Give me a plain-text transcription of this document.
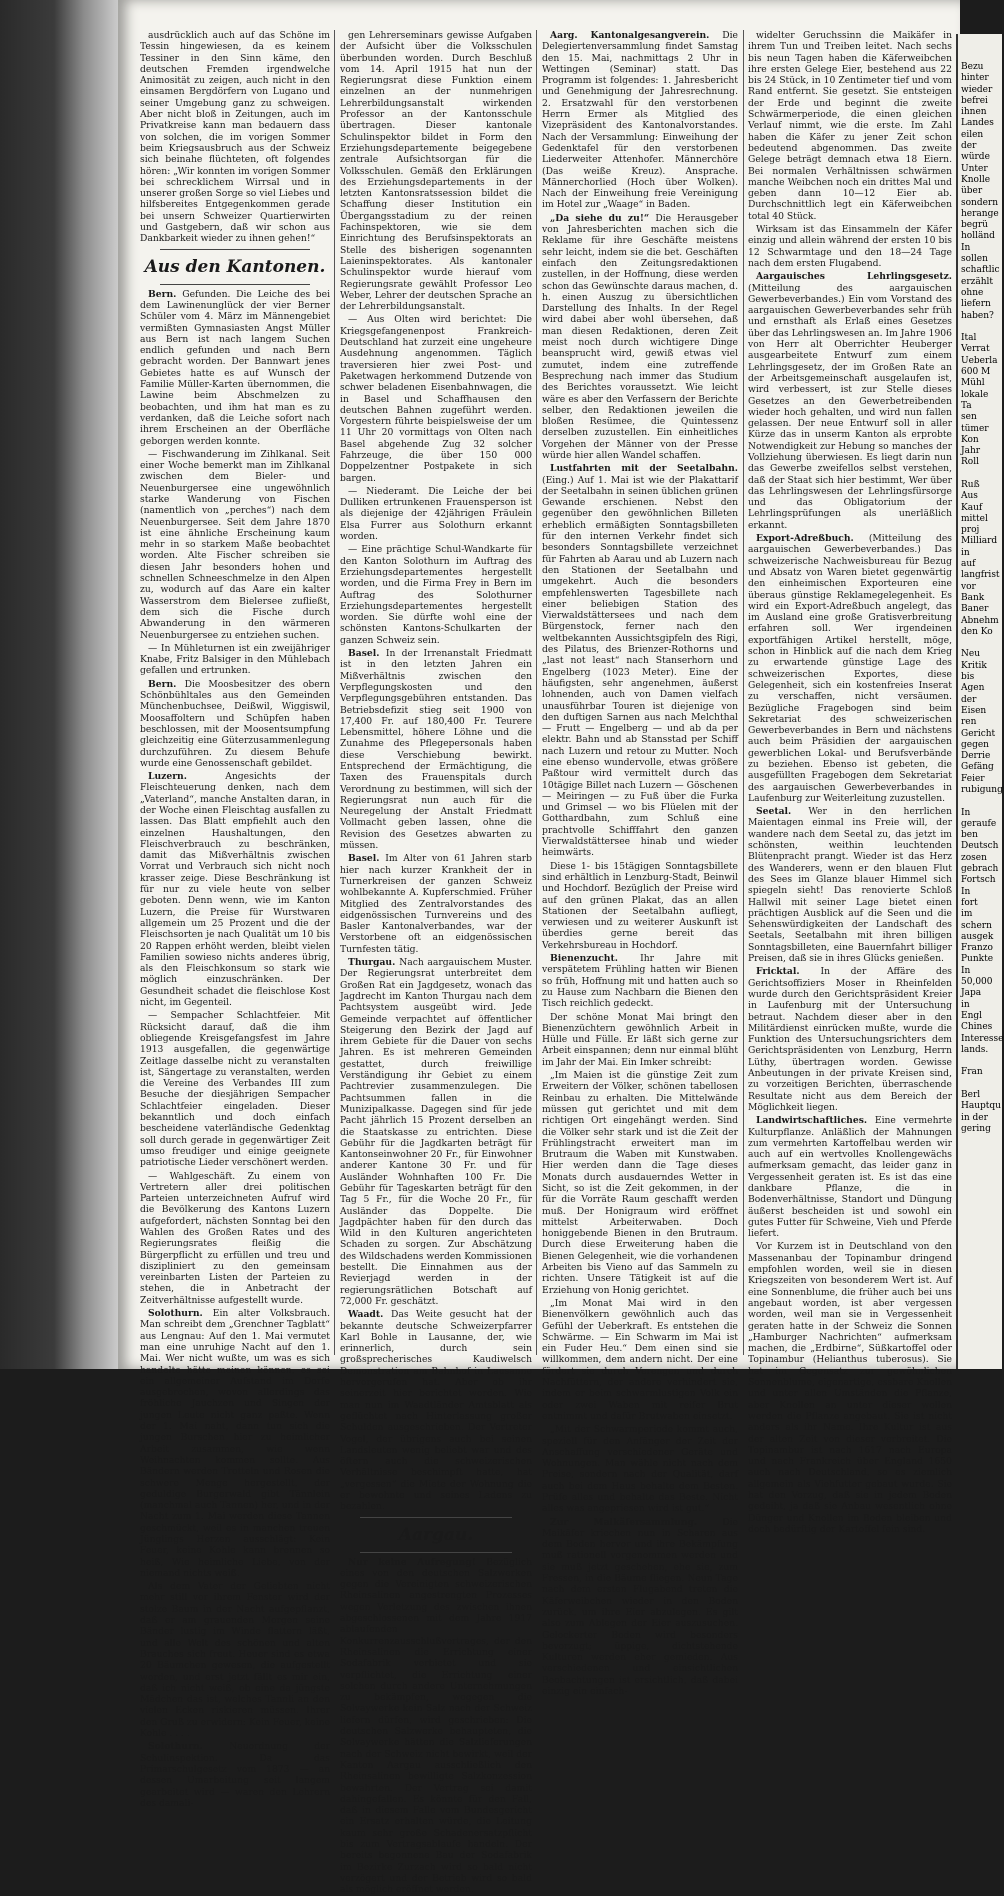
ausdrücklich auch auf das Schöne im Tessin hingewiesen, da es keinem Tessiner in den Sinn käme, den deutschen Fremden irgendwelche Animosität zu zeigen, auch nicht in den einsamen Bergdörfern von Lugano und seiner Umgebung ganz zu schweigen. Aber nicht bloß in Zeitungen, auch im Privatkreise kann man bedauern dass von solchen, die im vorigen Sommer beim Kriegsausbruch aus der Schweiz sich beinahe flüchteten, oft folgendes hören: „Wir konnten im vorigen Sommer bei schrecklichem Wirrsal und in unserer großen Sorge so viel Liebes und hilfsbereites Entgegenkommen gerade bei unsern Schweizer Quartierwirten und Gastgebern, daß wir schon aus Dankbarkeit wieder zu ihnen gehen!“

Aus den Kantonen.

Bern. Gefunden. Die Leiche des bei dem Lawinenunglück der vier Berner Schüler vom 4. März im Männengebiet vermißten Gymnasiasten Angst Müller aus Bern ist nach langem Suchen endlich gefunden und nach Bern gebracht worden. Der Bannwart jenes Gebietes hatte es auf Wunsch der Familie Müller-Karten übernommen, die Lawine beim Abschmelzen zu beobachten, und ihm hat man es zu verdanken, daß die Leiche sofort nach ihrem Erscheinen an der Oberfläche geborgen werden konnte.

— Fischwanderung im Zihlkanal. Seit einer Woche bemerkt man im Zihlkanal zwischen dem Bieler- und Neuenburgersee eine ungewöhnlich starke Wanderung von Fischen (namentlich von „perches“) nach dem Neuenburgersee. Seit dem Jahre 1870 ist eine ähnliche Erscheinung kaum mehr in so starkem Maße beobachtet worden. Alte Fischer schreiben sie diesen Jahr besonders hohen und schnellen Schneeschmelze in den Alpen zu, wodurch auf das Aare ein kalter Wasserstrom dem Bielersee zufließt, dem sich die Fische durch Abwanderung in den wärmeren Neuenburgersee zu entziehen suchen.

— In Mühleturnen ist ein zweijähriger Knabe, Fritz Balsiger in den Mühlebach gefallen und ertrunken.

Bern. Die Moosbesitzer des obern Schönbühltales aus den Gemeinden Münchenbuchsee, Deißwil, Wiggiswil, Moosaffoltern und Schüpfen haben beschlossen, mit der Moosentsumpfung gleichzeitig eine Güterzusammenlegung durchzuführen. Zu diesem Behufe wurde eine Genossenschaft gebildet.

Luzern. Angesichts der Fleischteuerung denken, nach dem „Vaterland“, manche Anstalten daran, in der Woche einen Fleischtag ausfallen zu lassen. Das Blatt empfiehlt auch den einzelnen Haushaltungen, den Fleischverbrauch zu beschränken, damit das Mißverhältnis zwischen Vorrat und Verbrauch sich nicht noch krasser zeige. Diese Beschränkung ist für nur zu viele heute von selber geboten. Denn wenn, wie im Kanton Luzern, die Preise für Wurstwaren allgemein um 25 Prozent und die der Fleischsorten je nach Qualität um 10 bis 20 Rappen erhöht werden, bleibt vielen Familien sowieso nichts anderes übrig, als den Fleischkonsum so stark wie möglich einzuschränken. Der Gesundheit schadet die fleischlose Kost nicht, im Gegenteil.

— Sempacher Schlachtfeier. Mit Rücksicht darauf, daß die ihm obliegende Kreisgefangsfest im Jahre 1913 ausgefallen, die gegenwärtige Zeitlage dasselbe nicht zu veranstalten ist, Sängertage zu veranstalten, werden die Vereine des Verbandes III zum Besuche der diesjährigen Sempacher Schlachtfeier eingeladen. Dieser bekanntlich und doch einfach bescheidene vaterländische Gedenktag soll durch gerade in gegenwärtiger Zeit umso freudiger und einige geeignete patriotische Lieder verschönert werden.

— Wahlgeschäft. Zu einem von Vertretern aller drei politischen Parteien unterzeichneten Aufruf wird die Bevölkerung des Kantons Luzern aufgefordert, nächsten Sonntag bei den Wahlen des Großen Rates und des Regierungsrates fleißig die Bürgerpflicht zu erfüllen und treu und diszipliniert zu den gemeinsam vereinbarten Listen der Parteien zu stehen, die in Anbetracht der Zeitverhältnisse aufgestellt wurde.

Solothurn. Ein alter Volksbrauch. Man schreibt dem „Grenchner Tagblatt“ aus Lengnau: Auf den 1. Mai vermutet man eine unruhige Nacht auf den 1. Mai. Wer nicht wußte, um was es sich handelte hätte meinen können, es sei ein allgemeiner Aufstand im Dorfe ausgebrochen, wovon allerdings das fröhliche Jauchzen und Singen der jungen Leute nicht ganz paßte. Wenn der 1. Mai naht, dann tun sich die jungen Burschen hier zu heimlicher Arbeit zusammen, wie wenn Weihnachten kommen sollte. Aus Bändern werden Trotteln und Rosen die schwere Menge hergestellt, der geduldige Burgerwald gibt Tännlein (manchmal auch Tannen) her, und in der Nacht zum 1. Mai werden diese Tannen geschmückt, weil es in manchen treuen Jünglings Herzen ausschlägt: Kein Feuer, keine Kohle kann brennen so heiß, Wie heimliche Liebe, von der niemand nichts weiß.

Als dem Vater der Geliebten nicht mehr still vor ihrem Fenster wird der stolze Baum in der Nacht aufgepflanzt, daß er am grauenden Morgen seine Bänder lustig im Winde flattern läßt, und alle Welt des schönen und alten Brauches sich freut. Heuer sind es etwa 20 Bäumchen gewesen, die aufgestellt worden, und erst jetzt fällt es mir ein, daß ich nicht weiß, ob eine da jüngste Mädchen das ist, welches Tannli an den vielen Ecken riskieren müssen. Ihrer den Gruß zu erwidern: Kein Feuer, keine Kohle . . . .

Solothurn. Neuordnung der Schulinspektion. Da das Primarschulgesetz vom 1873 — an dessen Umarbeitung seit langem gearbeitet wird — waren den Lehrern des damali-

gen Lehrerseminars gewisse Aufgaben der Aufsicht über die Volksschulen überbunden worden. Durch Beschluß vom 14. April 1915 hat nun der Regierungsrat diese Funktion einem einzelnen an der nunmehrigen Lehrerbildungsanstalt wirkenden Professor an der Kantonsschule übertragen. Dieser kantonale Schulinspektor bildet in Form den Erziehungsdepartemente beigegebene zentrale Aufsichtsorgan für die Volksschulen. Gemäß den Erklärungen des Erziehungsdepartements in der letzten Kantonsratssession bildet die Schaffung dieser Institution ein Übergangsstadium zu der reinen Fachinspektoren, wie sie dem Einrichtung des Berufsinspektorats an Stelle des bisherigen sogenannten Laieninspektorates. Als kantonaler Schulinspektor wurde hierauf vom Regierungsrate gewählt Professor Leo Weber, Lehrer der deutschen Sprache an der Lehrerbildungsanstalt.

— Aus Olten wird berichtet: Die Kriegsgefangenenpost Frankreich-Deutschland hat zurzeit eine ungeheure Ausdehnung angenommen. Täglich traversieren hier zwei Post- und Paketwagen herkommend Dutzende von schwer beladenen Eisenbahnwagen, die in Basel und Schaffhausen den deutschen Bahnen zugeführt werden. Vorgestern führte beispielsweise der um 11 Uhr 20 vormittags von Olten nach Basel abgehende Zug 32 solcher Fahrzeuge, die über 150 000 Doppelzentner Postpakete in sich bargen.

— Niederamt. Die Leiche der bei Dulliken ertrunkenen Frauensperson ist als diejenige der 42jährigen Fräulein Elsa Furrer aus Solothurn erkannt worden.

— Eine prächtige Schul-Wandkarte für den Kanton Solothurn im Auftrag des Erziehungsdepartementes hergestellt worden, und die Firma Frey in Bern im Auftrag des Solothurner Erziehungsdepartementes hergestellt worden. Sie dürfte wohl eine der schönsten Kantons-Schulkarten der ganzen Schweiz sein.

Basel. In der Irrenanstalt Friedmatt ist in den letzten Jahren ein Mißverhältnis zwischen den Verpflegungskosten und den Verpflegungsgebühren entstanden. Das Betriebsdefizit stieg seit 1900 von 17,400 Fr. auf 180,400 Fr. Teurere Lebensmittel, höhere Löhne und die Zunahme des Pflegepersonals haben diese Verschiebung bewirkt. Entsprechend der Ermächtigung, die Taxen des Frauenspitals durch Verordnung zu bestimmen, will sich der Regierungsrat nun auch für die Neuregelung der Anstalt Friedmatt Vollmacht geben lassen, ohne die Revision des Gesetzes abwarten zu müssen.

Basel. Im Alter von 61 Jahren starb hier nach kurzer Krankheit der in Turnerkreisen der ganzen Schweiz wohlbekannte A. Kupferschmied. Früher Mitglied des Zentralvorstandes des eidgenössischen Turnvereins und des Basler Kantonalverbandes, war der Verstorbene oft an eidgenössischen Turnfesten tätig.

Thurgau. Nach aargauischem Muster. Der Regierungsrat unterbreitet dem Großen Rat ein Jagdgesetz, wonach das Jagdrecht im Kanton Thurgau nach dem Pachtsystem ausgeübt wird. Jede Gemeinde verpachtet auf öffentlicher Steigerung den Bezirk der Jagd auf ihrem Gebiete für die Dauer von sechs Jahren. Es ist mehreren Gemeinden gestattet, durch freiwillige Verständigung ihr Gebiet zu einem Pachtrevier zusammenzulegen. Die Pachtsummen fallen in die Munizipalkasse. Dagegen sind für jede Pacht jährlich 15 Prozent derselben an die Staatskasse zu entrichten. Diese Gebühr für die Jagdkarten beträgt für Kantonseinwohner 20 Fr., für Einwohner anderer Kantone 30 Fr. und für Ausländer Wohnhaften 100 Fr. Die Gebühr für Tageskarten beträgt für den Tag 5 Fr., für die Woche 20 Fr., für Ausländer das Doppelte. Die Jagdpächter haben für den durch das Wild in den Kulturen angerichteten Schaden zu sorgen. Zur Abschätzung des Wildschadens werden Kommissionen bestellt. Die Einnahmen aus der Revierjagd werden in der regierungsrätlichen Botschaft auf 72,000 Fr. geschätzt.

Waadt. Das Weite gesucht hat der bekannte deutsche Schweizerpfarrer Karl Bohle in Lausanne, der, wie erinnerlich, durch sein großsprecherisches Kaudiwelsch Demonstration am Bahnhof in Lausanne hervorgerufen hat. Aber ob ihr seinerzeit hier berichtet worden. Wie man nun im Waadtländer Amtsblatt als geflüchtet nach Hinterlassung großer Schulden ausgeschrieben. Der Vertreter Vogel, der übrigens auch bei seinen Landsleuten wenig beliebt war und des öftern auch die schweizerischen Verhältnisse beschimpft hatte, hat „vergessen“ die Miete der Wohnung die er bewohnte und seines Ladens zu bezahlen.

Aargau.

Nur keine Aufregung! Bezüglich eines von den deutschen Salzwerken gegen die Vereinigten schweizerischen Rheinsalinen angestrengten Prozesses wegen Verletzung des zwischen ihnen abgeschlossenen mit dem Jahre 1917 ablaufenden Konkurrenzausschlußvertrages, der den Rheinsalinen die Errichtung einer Sodafabrik verbietet und sie verpflichtet, die Errichtung einer solchen durch andere Unternehmungen zu bekämpfen, wogegen die Solvaywerke kein Salz nach der Schweiz liefern dürfen, wird geschrieben: Die deutschen Salzwerke behaupteten, die Solvaywerke hätten die Salzlieferungen nach der Schweiz nicht bewirkt, weil der Kanton Aargau ausschließlich den Rheinsalinen bewilligte Salzkonzession bewahrten. Der Vertrag sei damit dahingefallen. Es könnte für den Fall, daß in diesem Falle vom Bundesgericht ein Ersatz erhalten würde, die Leitung kaum sehr große Schadenersatzpflicht bis zum Vertragsablaufe handeln. Der bereits begonnene Bau der Sodafabrik im Bezirke Zurzach wird so bald nicht verzögert und der Betrieb wird so bald als möglich eröffnet werden.

Aarg. Kantonalgesangverein. Die Delegiertenversammlung findet Samstag den 15. Mai, nachmittags 2 Uhr in Wettingen (Seminar) statt. Das Programm ist folgendes: 1. Jahresbericht und Genehmigung der Jahresrechnung. 2. Ersatzwahl für den verstorbenen Herrn Ermer als Mitglied des Vizepräsident des Kantonalvorstandes. Nach der Versammlung: Einweihung der Gedenktafel für den verstorbenen Liederweiter Attenhofer. Männerchöre (Das weiße Kreuz). Ansprache. Männerchorlied (Hoch über Wolken). Nach der Einweihung freie Vereinigung im Hotel zur „Waage“ in Baden.

„Da siehe du zu!“ Die Herausgeber von Jahresberichten machen sich die Reklame für ihre Geschäfte meistens sehr leicht, indem sie die bet. Geschäften einfach den Zeitungsredaktionen zustellen, in der Hoffnung, diese werden schon das Gewünschte daraus machen, d. h. einen Auszug zu übersichtlichen Darstellung des Inhalts. In der Regel wird dabei aber wohl übersehen, daß man diesen Redaktionen, deren Zeit meist noch durch wichtigere Dinge beansprucht wird, gewiß etwas viel zumutet, indem eine zutreffende Besprechung nach immer das Studium des Berichtes voraussetzt. Wie leicht wäre es aber den Verfassern der Berichte selber, den Redaktionen jeweilen die bloßen Resümee, die Quintessenz derselben zuzustellen. Ein einheitliches Vorgehen der Männer von der Presse würde hier allen Wandel schaffen.

Lustfahrten mit der Seetalbahn. (Eing.) Auf 1. Mai ist wie der Plakattarif der Seetalbahn in seinen üblichen grünen Gewande erschienen. Nebst den gegenüber den gewöhnlichen Billeten erheblich ermäßigten Sonntagsbilleten für den internen Verkehr findet sich besonders Sonntagsbillete verzeichnet für Fahrten ab Aarau und ab Luzern nach den Stationen der Seetalbahn und umgekehrt. Auch die besonders empfehlenswerten Tagesbillete nach einer beliebigen Station des Vierwaldstättersees und nach dem Bürgenstock, ferner nach den weltbekannten Aussichtsgipfeln des Rigi, des Pilatus, des Brienzer-Rothorns und „last not least“ nach Stanserhorn und Engelberg (1023 Meter). Eine der häufigsten, sehr angenehmen, äußerst lohnenden, auch von Damen vielfach unausführbar Touren ist diejenige von den duftigen Sarnen aus nach Melchthal — Frutt — Engelberg — und ab da per elektr. Bahn und ab Stansstad per Schiff nach Luzern und retour zu Mutter. Noch eine ebenso wundervolle, etwas größere Paßtour wird vermittelt durch das 10tägige Billet nach Luzern — Göschenen — Meiringen — zu Fuß über die Furka und Grimsel — wo bis Flüelen mit der Gotthardbahn, zum Schluß eine prachtvolle Schifffahrt den ganzen Vierwaldstättersee hinab und wieder heimwärts.

Diese 1- bis 15tägigen Sonntagsbillete sind erhältlich in Lenzburg-Stadt, Beinwil und Hochdorf. Bezüglich der Preise wird auf den grünen Plakat, das an allen Stationen der Seetalbahn aufliegt, verwiesen und zu weiterer Auskunft ist überdies gerne bereit das Verkehrsbureau in Hochdorf.

Bienenzucht. Ihr Jahre mit verspätetem Frühling hatten wir Bienen so früh, Hoffnung mit und hatten auch so zu Hause zum Nachbarn die Bienen den Tisch reichlich gedeckt.

Der schöne Monat Mai bringt den Bienenzüchtern gewöhnlich Arbeit in Hülle und Fülle. Er läßt sich gerne zur Arbeit einspannen; denn nur einmal blüht im Jahr der Mai. Ein Imker schreibt:

„Im Maien ist die günstige Zeit zum Erweitern der Völker, schönen tabellosen Reinbau zu erhalten. Die Mittelwände müssen gut gerichtet und mit dem richtigen Ort eingehängt werden. Sind die Völker sehr stark und ist die Zeit der Frühlingstracht erweitert man im Brutraum die Waben mit Kunstwaben. Hier werden dann die Tage dieses Monats durch ausdauerndes Wetter in Sicht, so ist die Zeit gekommen, in der für die Vorräte Raum geschafft werden muß. Der Honigraum wird eröffnet mittelst Arbeiterwaben. Doch honiggebende Bienen in den Brutraum. Durch diese Erweiterung haben die Bienen Gelegenheit, wie die vorhandenen Arbeiten bis Vieno auf das Sammeln zu richten. Unsere Tätigkeit ist auf die Erziehung von Honig gerichtet.

„Im Monat Mai wird in den Bienenvölkern gewöhnlich auch das Gefühl der Ueberkraft. Es entstehen die Schwärme. — Ein Schwarm im Mai ist ein Fuder Heu.“ Dem einen sind sie willkommen, dem andern nicht. Der eine fördert sie durch Verengen und durch Nachfüttern, der andere verhindert sie, indem er beim schwarmlustigen Volk ein oder zwei Waben mit reifer Brut entnimmt und dafür Brutwaben einsetzt.

„Mit der Schwarmperiode kommt auch, speziell für den Anfänger der Zeit der Anschaffung verschiedener Geräte und Wohnungen. Man wähle nicht nach dem Preise, sondern nach der Qualität, darf auch bei dem Haus behalte dem Besten. Prüfe alles und behalte das Beste. Nicht alles was angepriesen wird ist gut.“

Zur Maikäfersammlung. Die Maikäfer kriechen nun in Scharen aus dem Boden hervor und ihre Bekämpfung muß rationell vorgenommen werden und sie muß jetzt geschehen, ehe sie, zum Fressen, in die Bäume fliegen. Neun Tage nach dem ersten Flugabend treten die Käferweibchen wieder in den Boden zurück, um ihre Eier abzulegen. Es gilt also zum Ablegen der Eier auszusuchen. Gelockerter Boden wird besonders bevorzugt; üppige, dichtstehende Kulturen werden eher gemieden. Aus verschiedenen und einsichtlichen Beobachtungen ist ersichtlich, daß dabei einzig ein einfach-

widelter Geruchssinn die Maikäfer in ihrem Tun und Treiben leitet. Nach sechs bis neun Tagen haben die Käferweibchen ihre ersten Gelege Eier, bestehend aus 22 bis 24 Stück, in 10 Zentimeter tief und vom Rand entfernt. Sie gesetzt. Sie entsteigen der Erde und beginnt die zweite Schwärmerperiode, die einen gleichen Verlauf nimmt, wie die erste. Im Zahl haben die Käfer zu jener Zeit schon bedeutend abgenommen. Das zweite Gelege beträgt demnach etwa 18 Eiern. Bei normalen Verhältnissen schwärmen manche Weibchen noch ein drittes Mal und geben dann 10—12 Eier ab. Durchschnittlich legt ein Käferweibchen total 40 Stück.

Wirksam ist das Einsammeln der Käfer einzig und allein während der ersten 10 bis 12 Schwarmtage und den 18—24 Tage nach dem ersten Flugabend.

Aargauisches Lehrlingsgesetz. (Mitteilung des aargauischen Gewerbeverbandes.) Ein vom Vorstand des aargauischen Gewerbeverbandes sehr früh und ernsthaft als Erlaß eines Gesetzes über das Lehrlingswesen an. Im Jahre 1906 von Herr alt Oberrichter Heuberger ausgearbeitete Entwurf zum einem Lehrlingsgesetz, der im Großen Rate an der Arbeitsgemeinschaft ausgelaufen ist, wird verbessert, ist zur Stelle dieses Gesetzes an den Gewerbetreibenden wieder hoch gehalten, und wird nun fallen gelassen. Der neue Entwurf soll in aller Kürze das in unserm Kanton als erprobte Notwendigkeit zur Hebung so manches der Vollziehung überwiesen. Es liegt darin nun das Gewerbe zweifellos selbst verstehen, daß der Staat sich hier bestimmt, Wer über das Lehrlingswesen der Lehrlingsfürsorge und das Obligatorium der Lehrlingsprüfungen als unerläßlich erkannt.

Export-Adreßbuch. (Mitteilung des aargauischen Gewerbeverbandes.) Das schweizerische Nachweisbureau für Bezug und Absatz von Waren bietet gegenwärtig den einheimischen Exporteuren eine überaus günstige Reklamegelegenheit. Es wird ein Export-Adreßbuch angelegt, das im Ausland eine große Gratisverbreitung erfahren soll. Wer irgendeinen exportfähigen Artikel herstellt, möge, schon in Hinblick auf die nach dem Krieg zu erwartende günstige Lage des schweizerischen Exportes, diese Gelegenheit, sich ein kostenfreies Inserat zu verschaffen, nicht versäumen. Bezügliche Fragebogen sind beim Sekretariat des schweizerischen Gewerbeverbandes in Bern und nächstens auch beim Präsidien der aargauischen gewerblichen Lokal- und Berufsverbände zu beziehen. Ebenso ist gebeten, die ausgefüllten Fragebogen dem Sekretariat des aargauischen Gewerbeverbandes in Laufenburg zur Weiterleitung zuzustellen.

Seetal. Wer in den herrlichen Maientagen einmal ins Freie will, der wandere nach dem Seetal zu, das jetzt im schönsten, weithin leuchtenden Blütenpracht prangt. Wieder ist das Herz des Wanderers, wenn er den blauen Flut des Sees im Glanze blauer Himmel sich spiegeln sieht! Das renovierte Schloß Hallwil mit seiner Lage bietet einen prächtigen Ausblick auf die Seen und die Sehenswürdigkeiten der Landschaft des Seetals, Seetalbahn mit ihren billigen Sonntagsbilleten, eine Bauernfahrt billiger Preisen, daß sie in ihres Glücks genießen.

Fricktal. In der Affäre des Gerichtsoffiziers Moser in Rheinfelden wurde durch den Gerichtspräsident Kreier in Laufenburg mit der Untersuchung betraut. Nachdem dieser aber in den Militärdienst einrücken mußte, wurde die Funktion des Untersuchungsrichters dem Gerichtspräsidenten von Lenzburg, Herrn Lüthy, übertragen worden. Gewisse Anbeutungen in der private Kreisen sind, zu vorzeitigen Berichten, überraschende Resultate nicht aus dem Bereich der Möglichkeit liegen.

Landwirtschaftliches. Eine vermehrte Kulturpflanze. Anläßlich der Mahnungen zum vermehrten Kartoffelbau werden wir auch auf ein wertvolles Knollengewächs aufmerksam gemacht, das leider ganz in Vergessenheit geraten ist. Es ist das eine dankbare Pflanze, die in Bodenverhältnisse, Standort und Düngung äußerst bescheiden ist und sowohl ein gutes Futter für Schweine, Vieh und Pferde liefert.

Vor Kurzem ist in Deutschland von den Massenanbau der Topinambur dringend empfohlen worden, weil sie in diesen Kriegszeiten von besonderem Wert ist. Auf eine Sonnenblume, die früher auch bei uns angebaut worden, ist aber vergessen worden, weil man sie in Vergessenheit geraten hatte in der Schweiz die Sonnen „Hamburger Nachrichten“ aufmerksam machen, die „Erdbirne“, Süßkartoffel oder Topinambur (Helianthus tuberosus). Sie hat im Gegensatz zur gewöhnlichen Sonnenblume, eigenartige, essbare Knollen und unter allen Umständen die Pflanze, aber Knollen an unter dieser wollen werden die Pflanze angebaut. Sie ist nicht anders als ihr Name. Ihre Kultur ist aus der alten Zeit von dieser verbreitet. Die Topinambur ist nach 1617 nach Europa und nach Frankreich über England 1650 auch nach Deutschland, so es ziemlich allgemein als Viehfutter gebaut wurde. Sie hat den Vorzug, daß sie in jedem Boden gedeiht, ja daß sie Anbau wesentlich ohne Dünger und Knollen im Boden bleiben und doch bedürftig der Kartoffel fein sind.

Bezu
hinter
wieder
befrei
ihnen
Landes
eilen
der
würde
Unter
Knolle
über
sondern
herange
begrü
holländ
In
sollen
schaftlic
erzählt
ohne
liefern
haben?

Ital
Verrat
Ueberla
600 M
Mühl
lokale
Ta
sen
tümer
Kon
Jahr
Roll

Ruß
Aus
Kauf
mittel
proj
Milliard
in
auf
langfrist
vor
Bank
Baner
Abnehm
den Ko

Neu
Kritik
bis
Agen
der
Eisen
ren
Gericht
gegen
Derrie
Gefäng
Feier
rubigung

In
geraufe
ben
Deutsch
zosen
gebrach
Fortsch
In
fort
im
schern
ausgek
Franzo
Punkte
In
50,000
Japa
in
Engl
Chines
Interesse
lands.

Fran

Berl
Hauptqu
in der
gering
